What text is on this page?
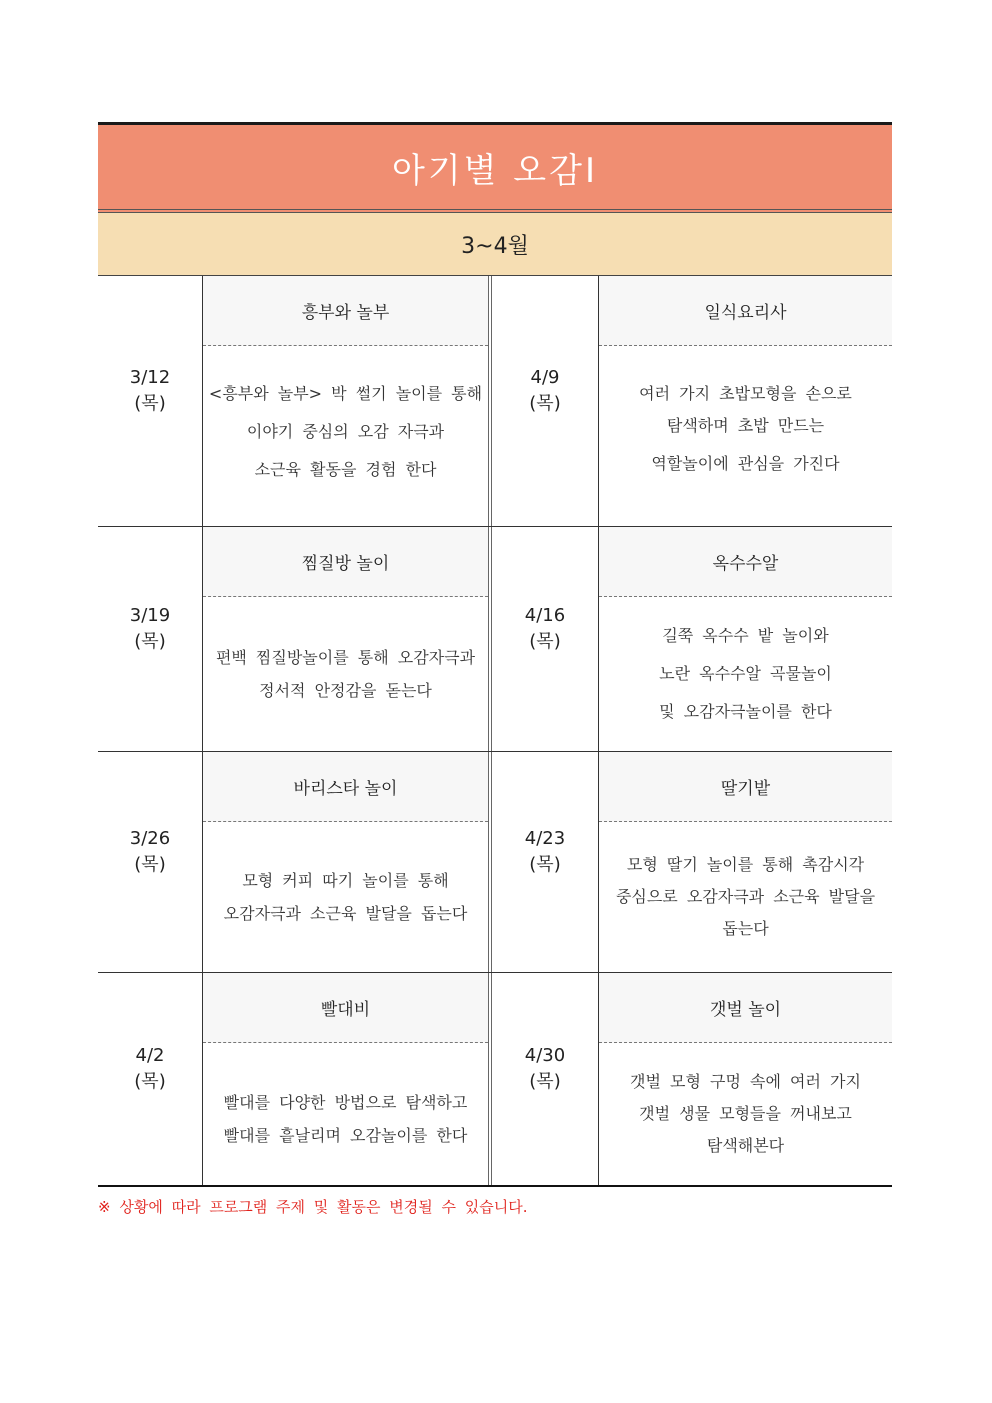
아기별 오감Ⅰ
3~4월
3/12
(목)
흥부와 놀부
<흥부와 놀부> 박 썰기 놀이를 통해
이야기 중심의 오감 자극과
소근육 활동을 경험 한다
4/9
(목)
일식요리사
여러 가지 초밥모형을 손으로
탐색하며 초밥 만드는
역할놀이에 관심을 가진다
3/19
(목)
찜질방 놀이
편백 찜질방놀이를 통해 오감자극과
정서적 안정감을 돋는다
4/16
(목)
옥수수알
길쭉 옥수수 밭 놀이와
노란 옥수수알 곡물놀이
및 오감자극놀이를 한다
3/26
(목)
바리스타 놀이
모형 커피 따기 놀이를 통해
오감자극과 소근육 발달을 돕는다
4/23
(목)
딸기밭
모형 딸기 놀이를 통해 촉감시각
중심으로 오감자극과 소근육 발달을
돕는다
4/2
(목)
빨대비
빨대를 다양한 방법으로 탐색하고
빨대를 흩날리며 오감놀이를 한다
4/30
(목)
갯벌 놀이
갯벌 모형 구멍 속에 여러 가지
갯벌 생물 모형들을 꺼내보고
탐색해본다
※ 상황에 따라 프로그램 주제 및 활동은 변경될 수 있습니다.
